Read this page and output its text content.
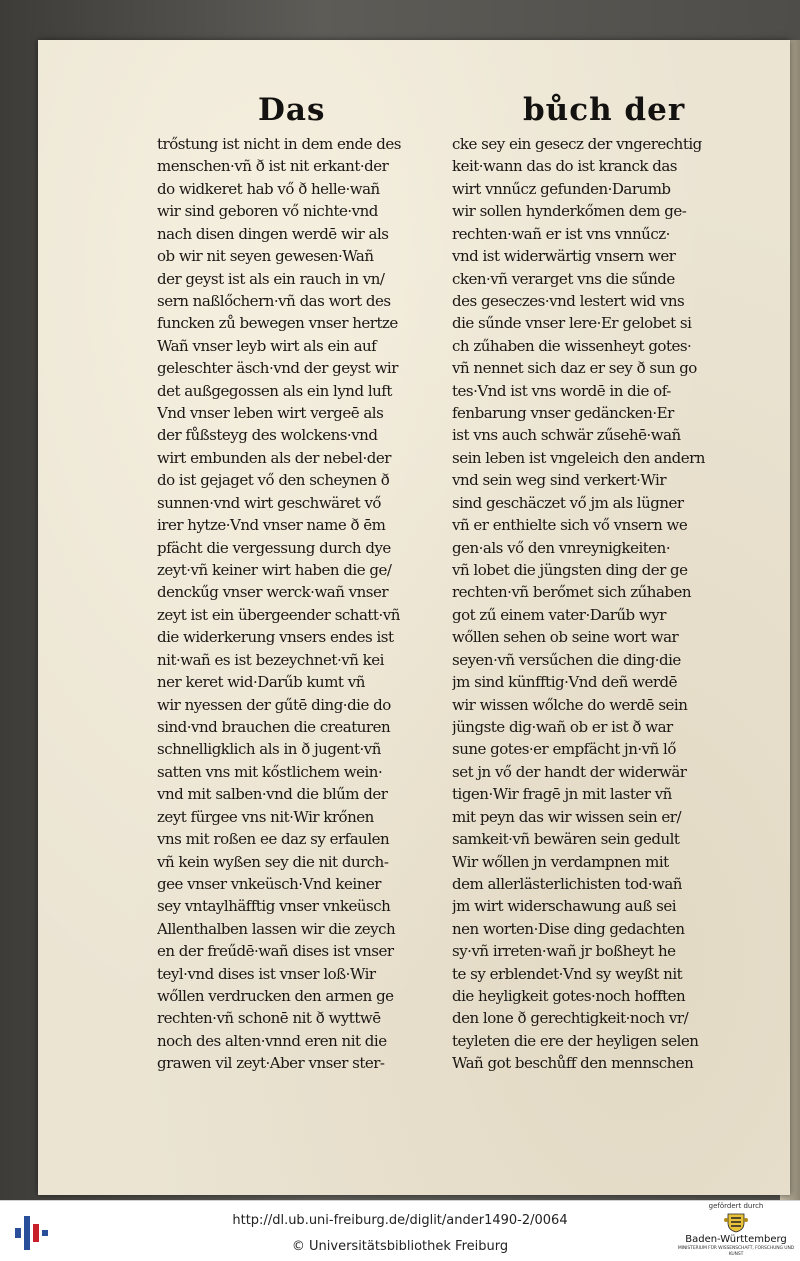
Das	bůch der
trőstung ist nicht in dem ende des
menschen·vñ ð ist nit erkant·der
do widkeret hab vő ð helle·wañ
wir sind geboren vő nichte·vnd
nach disen dingen werdē wir als
ob wir nit seyen gewesen·Wañ
der geyst ist als ein rauch in vn/
sern naßlőchern·vñ das wort des
funcken zů bewegen vnser hertze
Wañ vnser leyb wirt als ein auf
geleschter äsch·vnd der geyst wir
det außgegossen als ein lynd luft
Vnd vnser leben wirt vergeē als
der fůßsteyg des wolckens·vnd
wirt embunden als der nebel·der
do ist gejaget vő den scheynen ð
sunnen·vnd wirt geschwäret vő
irer hytze·Vnd vnser name ð ēm
pfächt die vergessung durch dye
zeyt·vñ keiner wirt haben die ge/
denckűg vnser werck·wañ vnser
zeyt ist ein übergeender schatt·vñ
die widerkerung vnsers endes ist
nit·wañ es ist bezeychnet·vñ kei
ner keret wid·Darűb kumt vñ
wir nyessen der gűtē ding·die do
sind·vnd brauchen die creaturen
schnelligklich als in ð jugent·vñ
satten vns mit kőstlichem wein·
vnd mit salben·vnd die blűm der
zeyt fürgee vns nit·Wir krőnen
vns mit roßen ee daz sy erfaulen
vñ kein wyßen sey die nit durch-
gee vnser vnkeüsch·Vnd keiner
sey vntaylhäfftig vnser vnkeüsch
Allenthalben lassen wir die zeych
en der freűdē·wañ dises ist vnser
teyl·vnd dises ist vnser loß·Wir
wőllen verdrucken den armen ge
rechten·vñ schonē nit ð wyttwē
noch des alten·vnnd eren nit die
grawen vil zeyt·Aber vnser ster-
cke sey ein gesecz der vngerechtig
keit·wann das do ist kranck das
wirt vnnűcz gefunden·Darumb
wir sollen hynderkőmen dem ge-
rechten·wañ er ist vns vnnűcz·
vnd ist widerwärtig vnsern wer
cken·vñ verarget vns die sűnde
des geseczes·vnd lestert wid vns
die sűnde vnser lere·Er gelobet si
ch zűhaben die wissenheyt gotes·
vñ nennet sich daz er sey ð sun go
tes·Vnd ist vns wordē in die of-
fenbarung vnser gedäncken·Er
ist vns auch schwär zűsehē·wañ
sein leben ist vngeleich den andern
vnd sein weg sind verkert·Wir
sind geschäczet vő jm als lügner
vñ er enthielte sich vő vnsern we
gen·als vő den vnreynigkeiten·
vñ lobet die jüngsten ding der ge
rechten·vñ berőmet sich zűhaben
got zű einem vater·Darűb wyr
wőllen sehen ob seine wort war
seyen·vñ versűchen die ding·die
jm sind künfftig·Vnd deñ werdē
wir wissen wőlche do werdē sein
jüngste dig·wañ ob er ist ð war
sune gotes·er empfächt jn·vñ lő
set jn vő der handt der widerwär
tigen·Wir fragē jn mit laster vñ
mit peyn das wir wissen sein er/
samkeit·vñ bewären sein gedult
Wir wőllen jn verdampnen mit
dem allerlästerlichisten tod·wañ
jm wirt widerschawung auß sei
nen worten·Dise ding gedachten
sy·vñ irreten·wañ jr boßheyt he
te sy erblendet·Vnd sy weyßt nit
die heyligkeit gotes·noch hofften
den lone ð gerechtigkeit·noch vr/
teyleten die ere der heyligen selen
Wañ got beschůff den mennschen
http://dl.ub.uni-freiburg.de/diglit/ander1490-2/0064
© Universitätsbibliothek Freiburg
gefördert durch
Baden-Württemberg
MINISTERIUM FÜR WISSENSCHAFT, FORSCHUNG UND KUNST
